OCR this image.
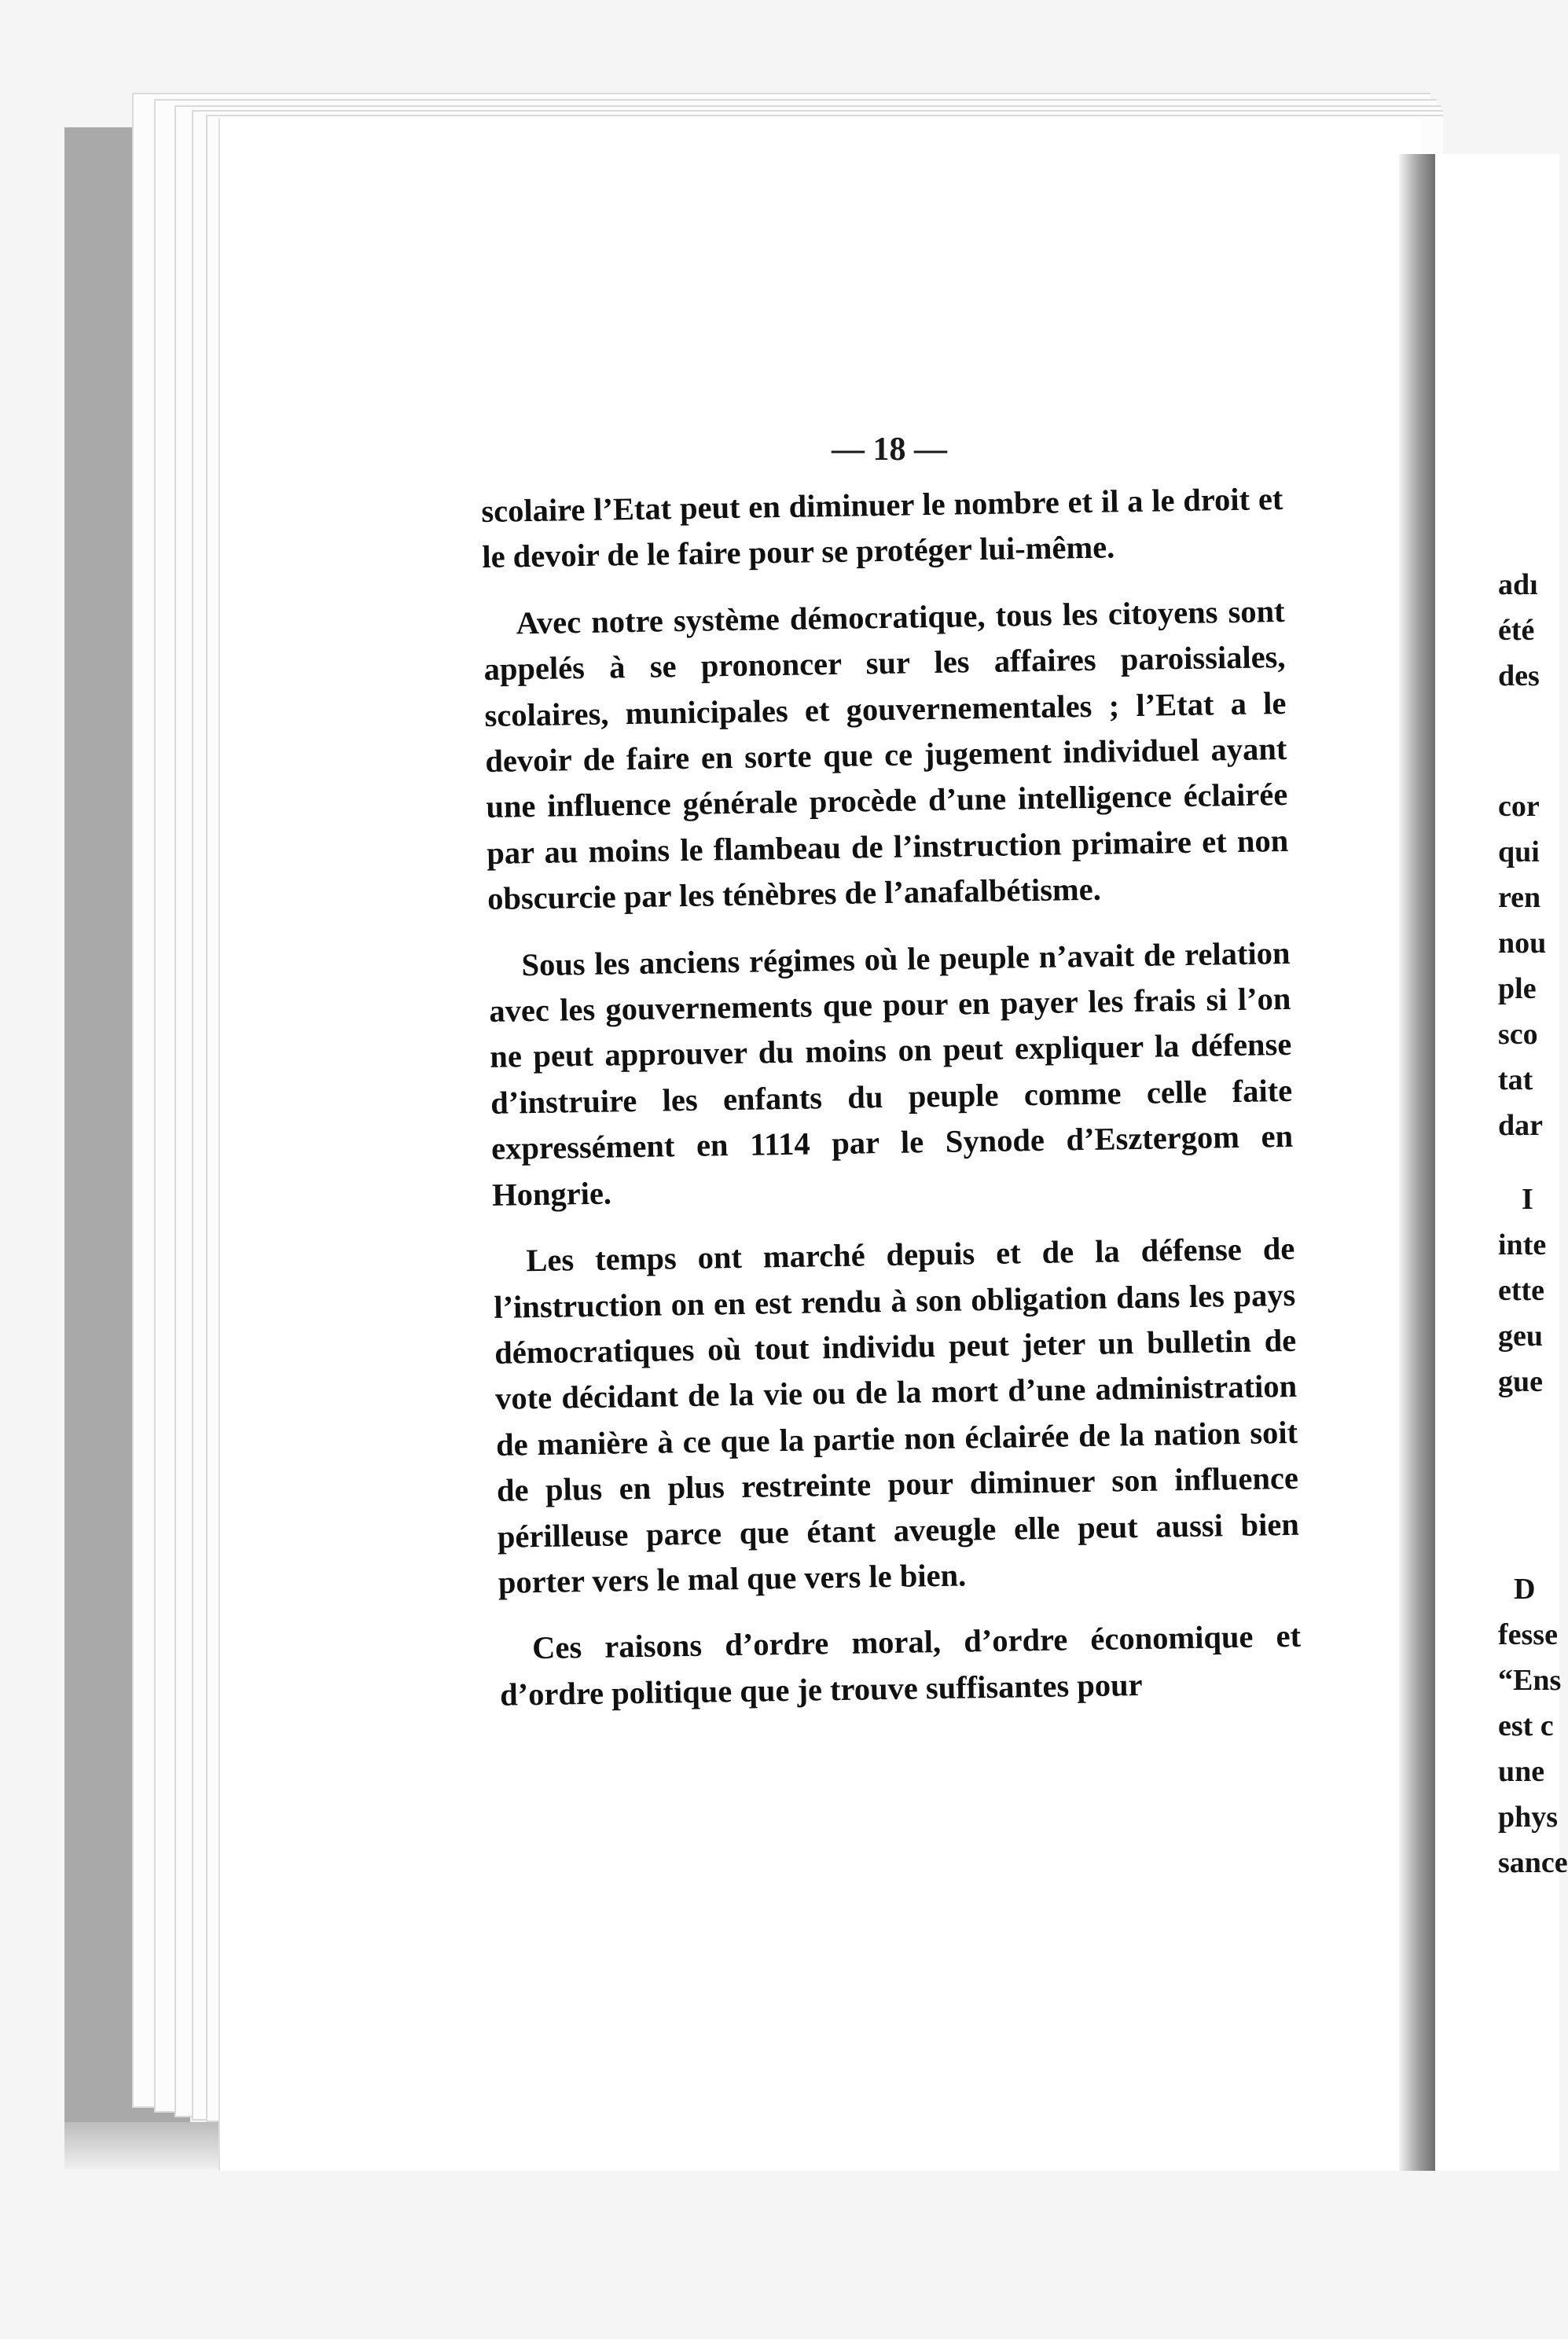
— 18 —

scolaire l’Etat peut en diminuer le nombre et il a le droit et le devoir de le faire pour se protéger lui-même.

Avec notre système démocratique, tous les citoyens sont appelés à se prononcer sur les affaires paroissiales, scolaires, municipales et gouvernementales ; l’Etat a le devoir de faire en sorte que ce jugement individuel ayant une influence générale procède d’une intelligence éclairée par au moins le flambeau de l’instruction primaire et non obscurcie par les ténèbres de l’anafalbétisme.

Sous les anciens régimes où le peuple n’avait de relation avec les gouvernements que pour en payer les frais si l’on ne peut approuver du moins on peut expliquer la défense d’instruire les enfants du peuple comme celle faite expressément en 1114 par le Synode d’Esztergom en Hongrie.

Les temps ont marché depuis et de la défense de l’instruction on en est rendu à son obligation dans les pays démocratiques où tout individu peut jeter un bulletin de vote décidant de la vie ou de la mort d’une administration de manière à ce que la partie non éclairée de la nation soit de plus en plus restreinte pour diminuer son influence périlleuse parce que étant aveugle elle peut aussi bien porter vers le mal que vers le bien.

Ces raisons d’ordre moral, d’ordre économique et d’ordre politique que je trouve suffisantes pour

adı
été
des
cor
qui
ren
nou
ple
sco
tat
dar
I
inte
ette
geu
gue
D
fesse
“Ens
est c
une
phys
sance
